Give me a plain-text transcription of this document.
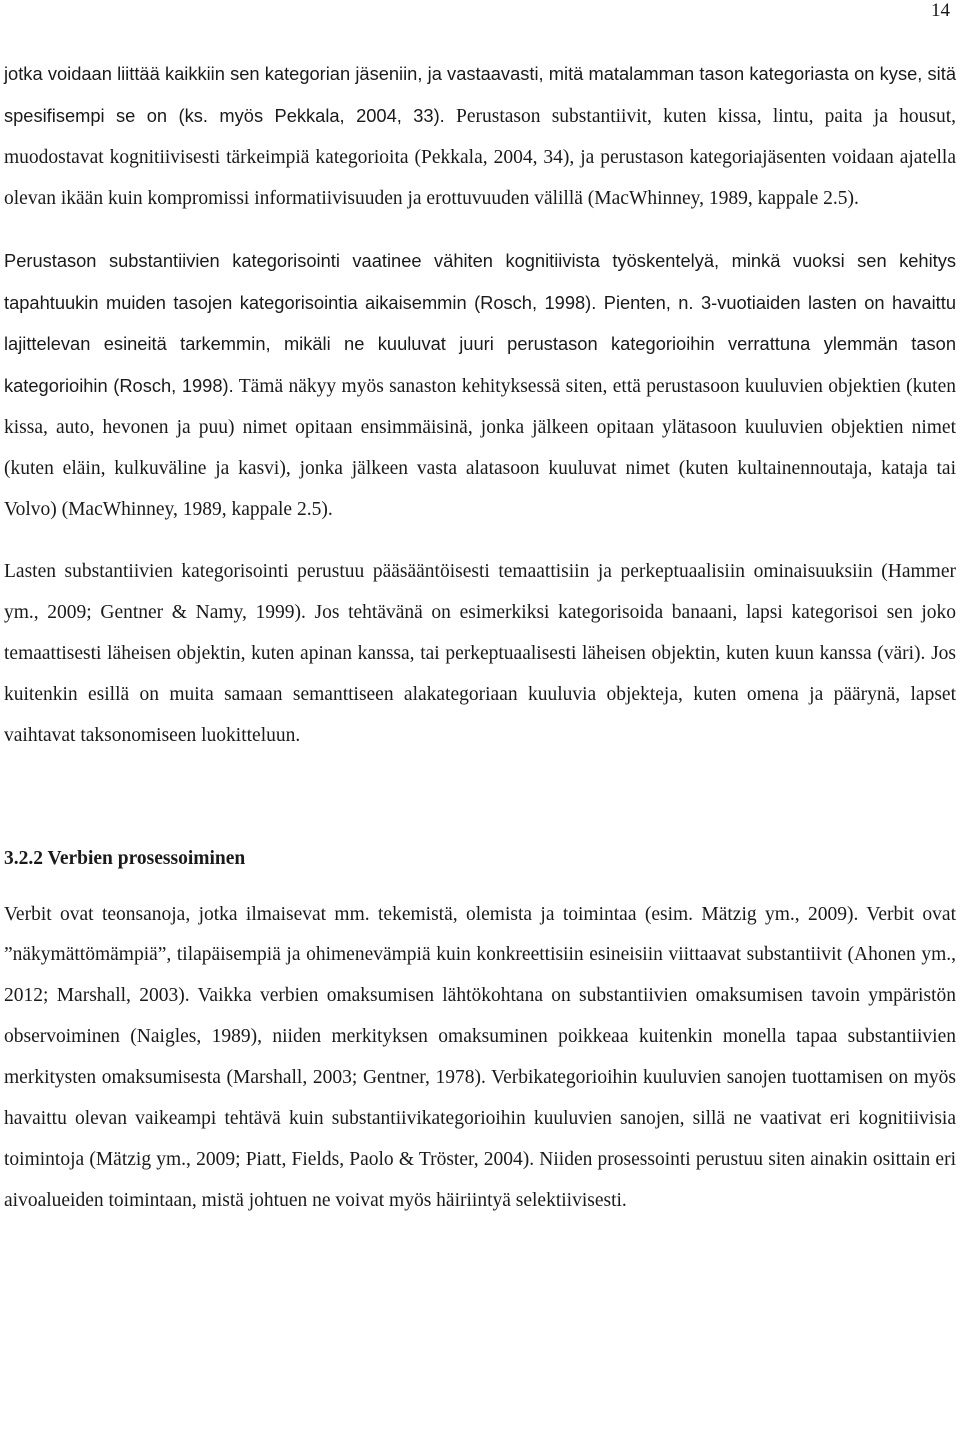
14

jotka voidaan liittää kaikkiin sen kategorian jäseniin, ja vastaavasti, mitä matalamman tason kategoriasta on kyse, sitä spesifisempi se on (ks. myös Pekkala, 2004, 33). Perustason substantiivit, kuten kissa, lintu, paita ja housut, muodostavat kognitiivisesti tärkeimpiä kategorioita (Pekkala, 2004, 34), ja perustason kategoriajäsenten voidaan ajatella olevan ikään kuin kompromissi informatiivisuuden ja erottuvuuden välillä (MacWhinney, 1989, kappale 2.5).

Perustason substantiivien kategorisointi vaatinee vähiten kognitiivista työskentelyä, minkä vuoksi sen kehitys tapahtuukin muiden tasojen kategorisointia aikaisemmin (Rosch, 1998). Pienten, n. 3-vuotiaiden lasten on havaittu lajittelevan esineitä tarkemmin, mikäli ne kuuluvat juuri perustason kategorioihin verrattuna ylemmän tason kategorioihin (Rosch, 1998). Tämä näkyy myös sanaston kehityksessä siten, että perustasoon kuuluvien objektien (kuten kissa, auto, hevonen ja puu) nimet opitaan ensimmäisinä, jonka jälkeen opitaan ylätasoon kuuluvien objektien nimet (kuten eläin, kulkuväline ja kasvi), jonka jälkeen vasta alatasoon kuuluvat nimet (kuten kultainennoutaja, kataja tai Volvo) (MacWhinney, 1989, kappale 2.5).

Lasten substantiivien kategorisointi perustuu pääsääntöisesti temaattisiin ja perkeptuaalisiin ominaisuuksiin (Hammer ym., 2009; Gentner & Namy, 1999). Jos tehtävänä on esimerkiksi kategorisoida banaani, lapsi kategorisoi sen joko temaattisesti läheisen objektin, kuten apinan kanssa, tai perkeptuaalisesti läheisen objektin, kuten kuun kanssa (väri). Jos kuitenkin esillä on muita samaan semanttiseen alakategoriaan kuuluvia objekteja, kuten omena ja päärynä, lapset vaihtavat taksonomiseen luokitteluun.

3.2.2 Verbien prosessoiminen

Verbit ovat teonsanoja, jotka ilmaisevat mm. tekemistä, olemista ja toimintaa (esim. Mätzig ym., 2009). Verbit ovat ”näkymättömämpiä”, tilapäisempiä ja ohimenevämpiä kuin konkreettisiin esineisiin viittaavat substantiivit (Ahonen ym., 2012; Marshall, 2003). Vaikka verbien omaksumisen lähtökohtana on substantiivien omaksumisen tavoin ympäristön observoiminen (Naigles, 1989), niiden merkityksen omaksuminen poikkeaa kuitenkin monella tapaa substantiivien merkitysten omaksumisesta (Marshall, 2003; Gentner, 1978). Verbikategorioihin kuuluvien sanojen tuottamisen on myös havaittu olevan vaikeampi tehtävä kuin substantiivikategorioihin kuuluvien sanojen, sillä ne vaativat eri kognitiivisia toimintoja (Mätzig ym., 2009; Piatt, Fields, Paolo & Tröster, 2004). Niiden prosessointi perustuu siten ainakin osittain eri aivoalueiden toimintaan, mistä johtuen ne voivat myös häiriintyä selektiivisesti.
